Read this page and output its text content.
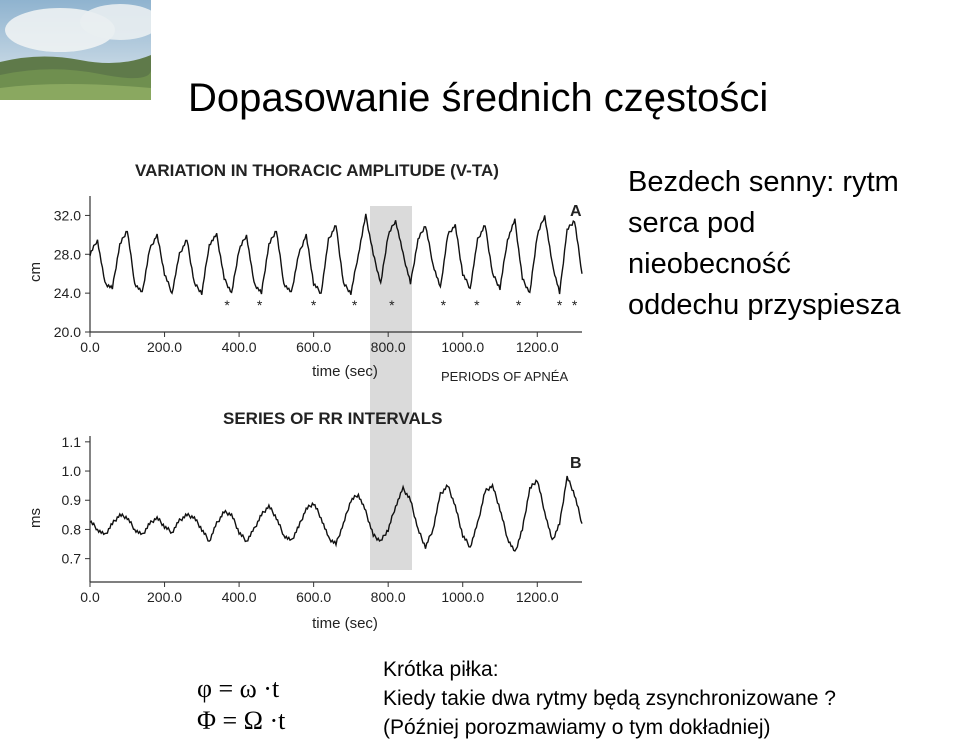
Dopasowanie średnich częstości
Bezdech senny: rytm
serca pod
nieobecność
oddechu przyspiesza
VARIATION IN THORACIC AMPLITUDE (V-TA)
A
cm
0.0	200.0	400.0	600.0	800.0	1000.0 1200.0
20.0
24.0
28.0
32.0
* *	*	* *	* *	*	* *
time (sec)	PERIODS OF APNÉA
SERIES OF RR INTERVALS
B
ms
0.0	200.0	400.0	600.0	800.0	1000.0 1200.0
0.7
0.8
0.9
1.0
1.1
time (sec)
φ = ω ·t
Φ = Ω ·t
Krótka piłka:
Kiedy takie dwa rytmy będą zsynchronizowane ?
(Później porozmawiamy o tym dokładniej)
